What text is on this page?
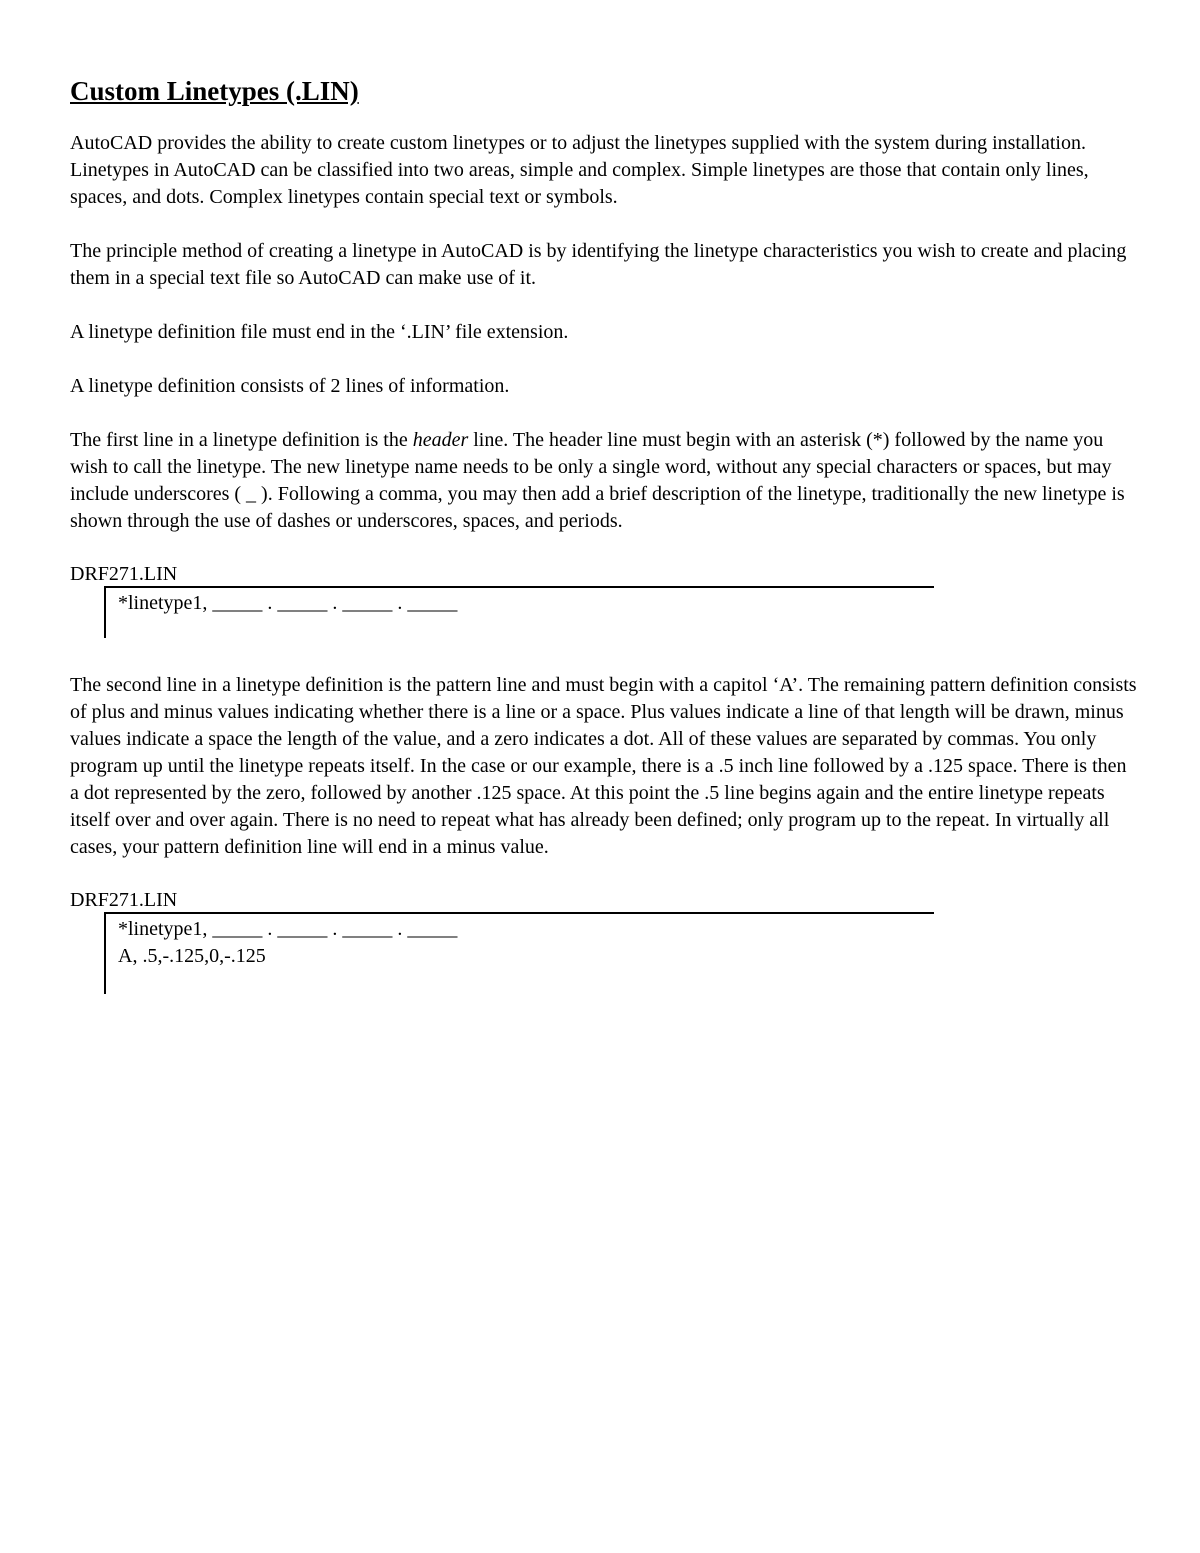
Custom Linetypes (.LIN)

AutoCAD provides the ability to create custom linetypes or to adjust the linetypes supplied with the system during installation. Linetypes in AutoCAD can be classified into two areas, simple and complex. Simple linetypes are those that contain only lines, spaces, and dots. Complex linetypes contain special text or symbols.

The principle method of creating a linetype in AutoCAD is by identifying the linetype characteristics you wish to create and placing them in a special text file so AutoCAD can make use of it.

A linetype definition file must end in the ‘.LIN’ file extension.

A linetype definition consists of 2 lines of information.

The first line in a linetype definition is the header line. The header line must begin with an asterisk (*) followed by the name you wish to call the linetype. The new linetype name needs to be only a single word, without any special characters or spaces, but may include underscores ( _ ). Following a comma, you may then add a brief description of the linetype, traditionally the new linetype is shown through the use of dashes or underscores, spaces, and periods.

DRF271.LIN
*linetype1, _____ . _____ . _____ . _____

The second line in a linetype definition is the pattern line and must begin with a capitol ‘A’. The remaining pattern definition consists of plus and minus values indicating whether there is a line or a space. Plus values indicate a line of that length will be drawn, minus values indicate a space the length of the value, and a zero indicates a dot. All of these values are separated by commas. You only program up until the linetype repeats itself. In the case or our example, there is a .5 inch line followed by a .125 space. There is then a dot represented by the zero, followed by another .125 space. At this point the .5 line begins again and the entire linetype repeats itself over and over again. There is no need to repeat what has already been defined; only program up to the repeat. In virtually all cases, your pattern definition line will end in a minus value.

DRF271.LIN
*linetype1, _____ . _____ . _____ . _____
A, .5,-.125,0,-.125
